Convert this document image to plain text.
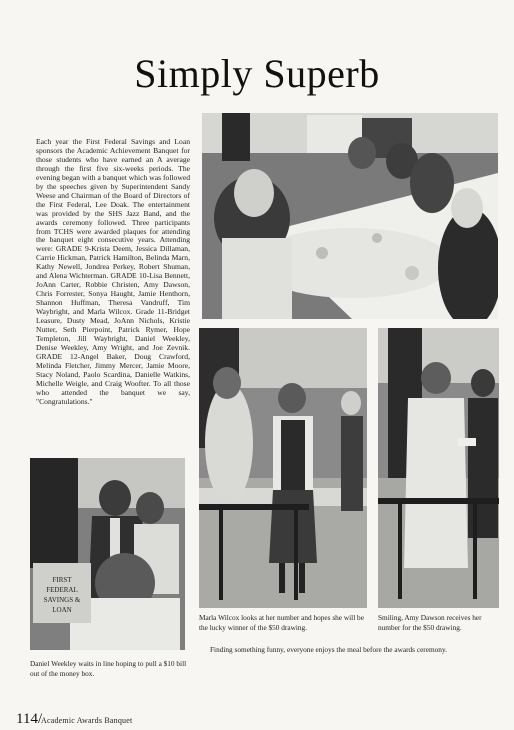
Simply Superb
Each year the First Federal Savings and Loan sponsors the Academic Achievement Banquet for those students who have earned an A average through the first five six-weeks periods. The evening began with a banquet which was followed by the speeches given by Superintendent Sandy Weese and Chairman of the Board of Directors of the First Federal, Lee Doak. The entertainment was provided by the SHS Jazz Band, and the awards ceremony followed. Three participants from TCHS were awarded plaques for attending the banquet eight consecutive years. Attending were: GRADE 9-Krista Deem, Jessica Dillaman, Carrie Hickman, Patrick Hamilton, Belinda Marn, Kathy Newell, Jondrea Perkey, Robert Shuman, and Alena Wichterman. GRADE 10-Lisa Bennett, JoAnn Carter, Robbie Christen, Amy Dawson, Chris Forrester, Sonya Haught, Jamie Henthorn, Shannon Huffman, Theresa Vandruff, Tim Waybright, and Marla Wilcox. Grade 11-Bridget Leasure, Dusty Mead, JoAnn Nichols, Kristie Nutter, Seth Pierpoint, Patrick Rymer, Hope Templeton, Jill Waybright, Daniel Weekley, Denise Weekley, Amy Wright, and Joe Zevnik. GRADE 12-Angel Baker, Doug Crawford, Melinda Fletcher, Jimmy Mercer, Jamie Moore, Stacy Noland, Paolo Scardina, Danielle Watkins, Michelle Weigle, and Craig Woofter. To all those who attended the banquet we say, "Congratulations."
FIRST
FEDERAL
SAVINGS &
LOAN
Marla Wilcox looks at her number and hopes she will be the lucky winner of the $50 drawing.
Smiling, Amy Dawson receives her number for the $50 drawing.
Finding something funny, everyone enjoys the meal before the awards ceremony.
Daniel Weekley waits in line hoping to pull a $10 bill out of the money box.
114/
Academic Awards Banquet
